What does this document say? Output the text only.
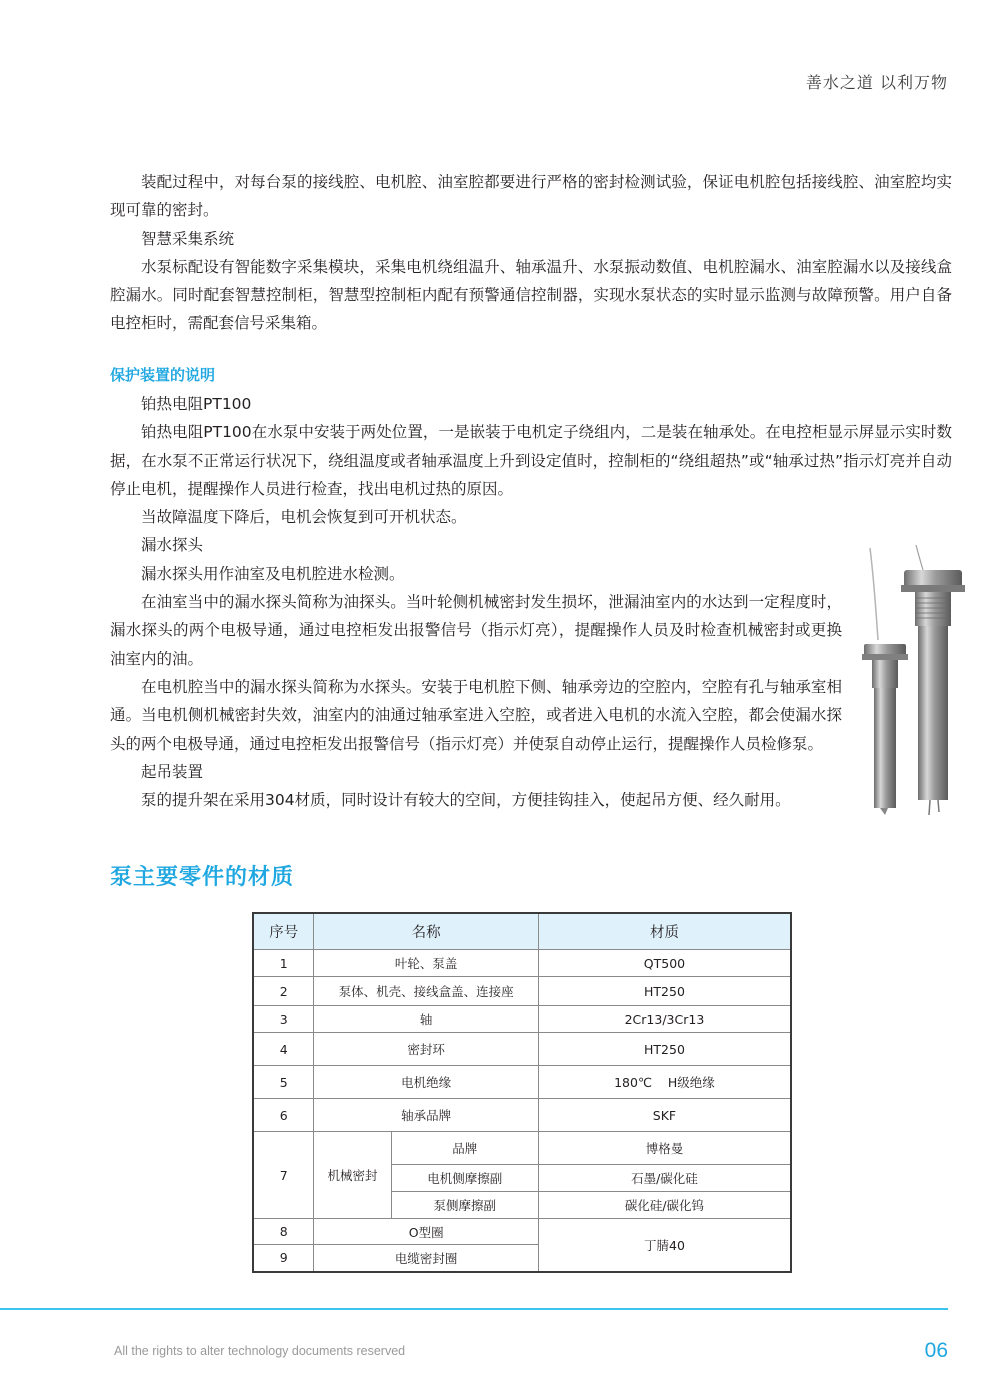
善水之道 以利万物

装配过程中，对每台泵的接线腔、电机腔、油室腔都要进行严格的密封检测试验，保证电机腔包括接线腔、油室腔均实现可靠的密封。

智慧采集系统

水泵标配设有智能数字采集模块，采集电机绕组温升、轴承温升、水泵振动数值、电机腔漏水、油室腔漏水以及接线盒腔漏水。同时配套智慧控制柜，智慧型控制柜内配有预警通信控制器，实现水泵状态的实时显示监测与故障预警。用户自备电控柜时，需配套信号采集箱。

保护装置的说明

铂热电阻PT100

铂热电阻PT100在水泵中安装于两处位置，一是嵌装于电机定子绕组内，二是装在轴承处。在电控柜显示屏显示实时数据，在水泵不正常运行状况下，绕组温度或者轴承温度上升到设定值时，控制柜的“绕组超热”或“轴承过热”指示灯亮并自动停止电机，提醒操作人员进行检查，找出电机过热的原因。

当故障温度下降后，电机会恢复到可开机状态。

漏水探头

漏水探头用作油室及电机腔进水检测。

在油室当中的漏水探头简称为油探头。当叶轮侧机械密封发生损坏，泄漏油室内的水达到一定程度时，漏水探头的两个电极导通，通过电控柜发出报警信号（指示灯亮），提醒操作人员及时检查机械密封或更换油室内的油。

在电机腔当中的漏水探头简称为水探头。安装于电机腔下侧、轴承旁边的空腔内，空腔有孔与轴承室相通。当电机侧机械密封失效，油室内的油通过轴承室进入空腔，或者进入电机的水流入空腔，都会使漏水探头的两个电极导通，通过电控柜发出报警信号（指示灯亮）并使泵自动停止运行，提醒操作人员检修泵。

起吊装置

泵的提升架在采用304材质，同时设计有较大的空间，方便挂钩挂入，使起吊方便、经久耐用。

泵主要零件的材质
序号	名称		材质
1	叶轮、泵盖		QT500
2	泵体、机壳、接线盒盖、连接座		HT250
3	轴		2Cr13/3Cr13
4	密封环		HT250
5	电机绝缘		180℃    H级绝缘
6	轴承品牌		SKF
7	机械密封	品牌	博格曼
		电机侧摩擦副	石墨/碳化硅
		泵侧摩擦副	碳化硅/碳化钨
8	O型圈		丁腈40
9	电缆密封圈		
All the rights to alter technology documents reserved	06
